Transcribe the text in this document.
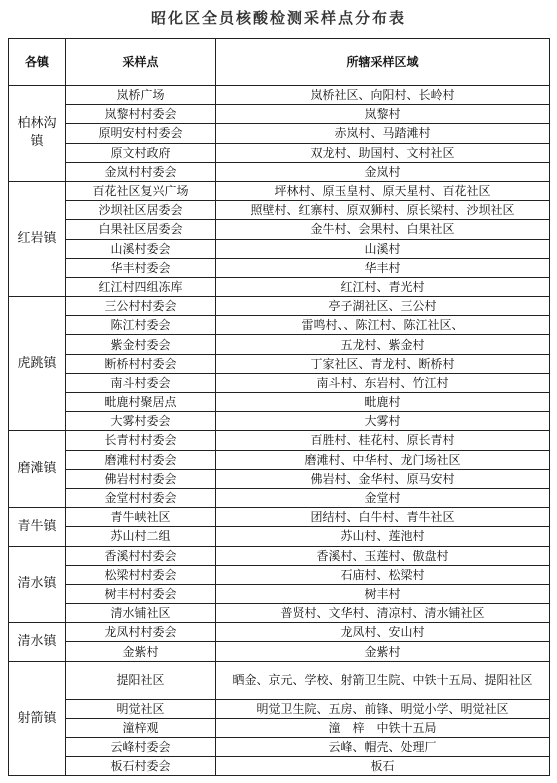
昭化区全员核酸检测采样点分布表
各镇	采样点	所辖采样区域
柏林沟镇	岚桥广场	岚桥社区、向阳村、长岭村
	岚黎村村委会	岚黎村
	原明安村村委会	赤岚村、马踏滩村
	原文村政府	双龙村、助国村、文村社区
	金岚村村委会	金岚村
红岩镇	百花社区复兴广场	坪林村、原玉皇村、原天星村、百花社区
	沙坝社区居委会	照壁村、红寨村、原双狮村、原长梁村、沙坝社区
	白果社区居委会	金牛村、会果村、白果社区
	山溪村委会	山溪村
	华丰村委会	华丰村
	红江村四组冻库	红江村、青光村
虎跳镇	三公村村委会	亭子湖社区、三公村
	陈江村委会	雷鸣村、、陈江村、陈江社区、
	紫金村委会	五龙村、紫金村
	断桥村村委会	丁家社区、青龙村、断桥村
	南斗村委会	南斗村、东岩村、竹江村
	毗鹿村聚居点	毗鹿村
	大雾村委会	大雾村
磨滩镇	长青村村委会	百胜村、桂花村、原长青村
	磨滩村村委会	磨滩村、中华村、龙门场社区
	佛岩村村委会	佛岩村、金华村、原马安村
	金堂村村委会	金堂村
青牛镇	青牛峡社区	团结村、白牛村、青牛社区
	苏山村二组	苏山村、莲池村
清水镇	香溪村村委会	香溪村、玉莲村、傲盘村
	松梁村村委会	石庙村、松梁村
	树丰村村委会	树丰村
	清水铺社区	普贤村、文华村、清凉村、清水铺社区
清水镇	龙凤村村委会	龙凤村、安山村
	金紫村	金紫村
射箭镇	提阳社区	晒金、京元、学校、射箭卫生院、中铁十五局、提阳社区
	明觉社区	明觉卫生院、五房、前锋、明觉小学、明觉社区
	潼梓观	潼　梓　中铁十五局
	云峰村委会	云峰、帽壳、处理厂
	板石村委会	板石
